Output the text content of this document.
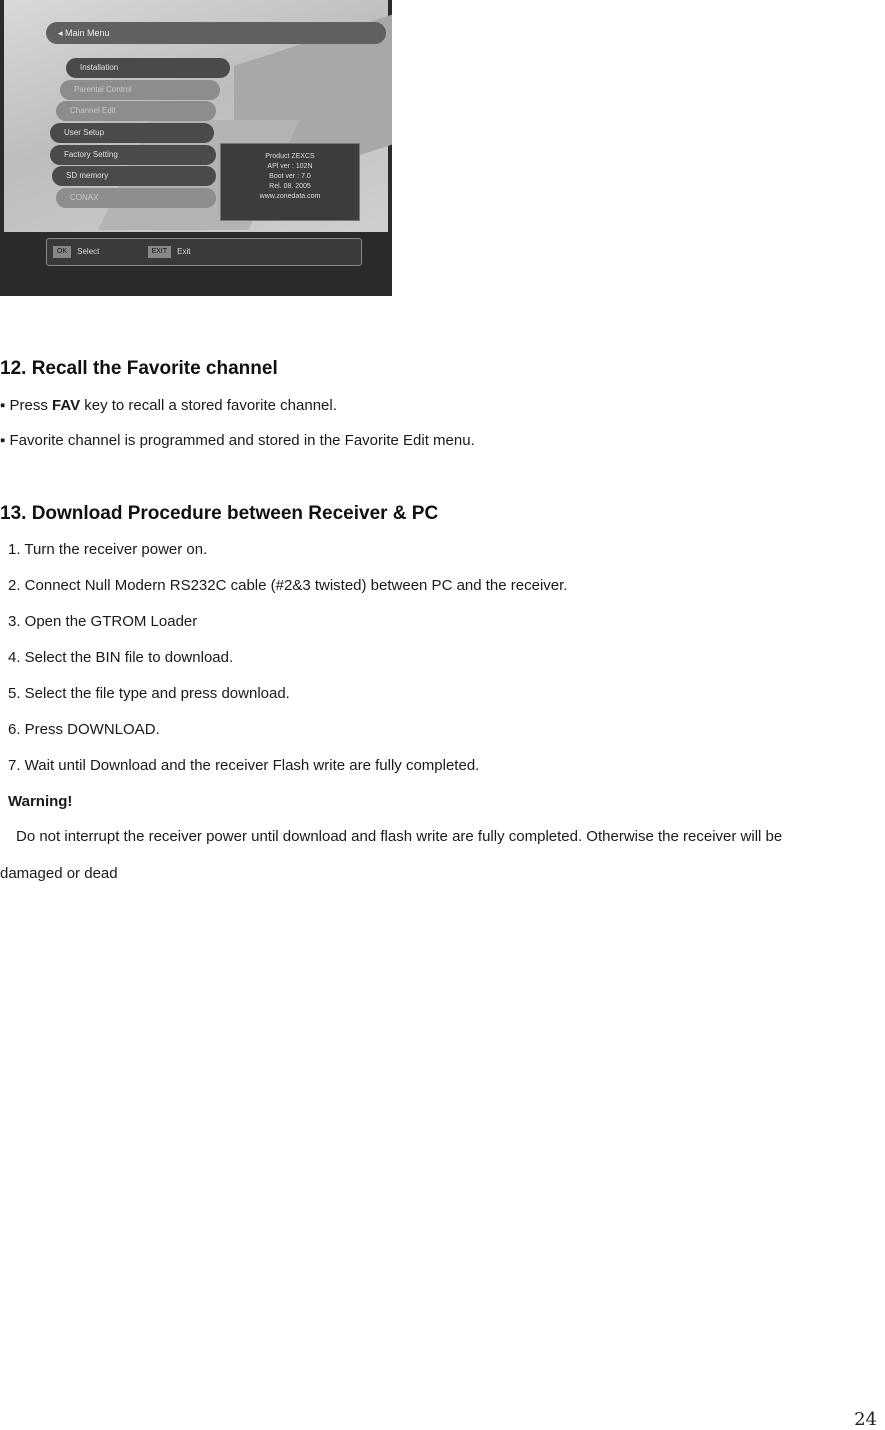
◂ Main Menu
Installation
Parental Control
Channel Edit
User Setup
Factory Setting
SD memory
CONAX
Product ZEXCS
APl ver : 102N
Boot ver : 7.0
Rel. 08. 2005
www.zonedata.com
OK Select	EXIT Exit
12. Recall the Favorite channel
▪ Press FAV key to recall a stored favorite channel.
▪ Favorite channel is programmed and stored in the Favorite Edit menu.
13. Download Procedure between Receiver & PC
1. Turn the receiver power on.
2. Connect Null Modern RS232C cable (#2&3 twisted) between PC and the receiver.
3. Open the GTROM Loader
4. Select the BIN file to download.
5. Select the file type and press download.
6. Press DOWNLOAD.
7. Wait until Download and the receiver Flash write are fully completed.
Warning!
Do not interrupt the receiver power until download and flash write are fully completed. Otherwise the receiver will be
damaged or dead
24
